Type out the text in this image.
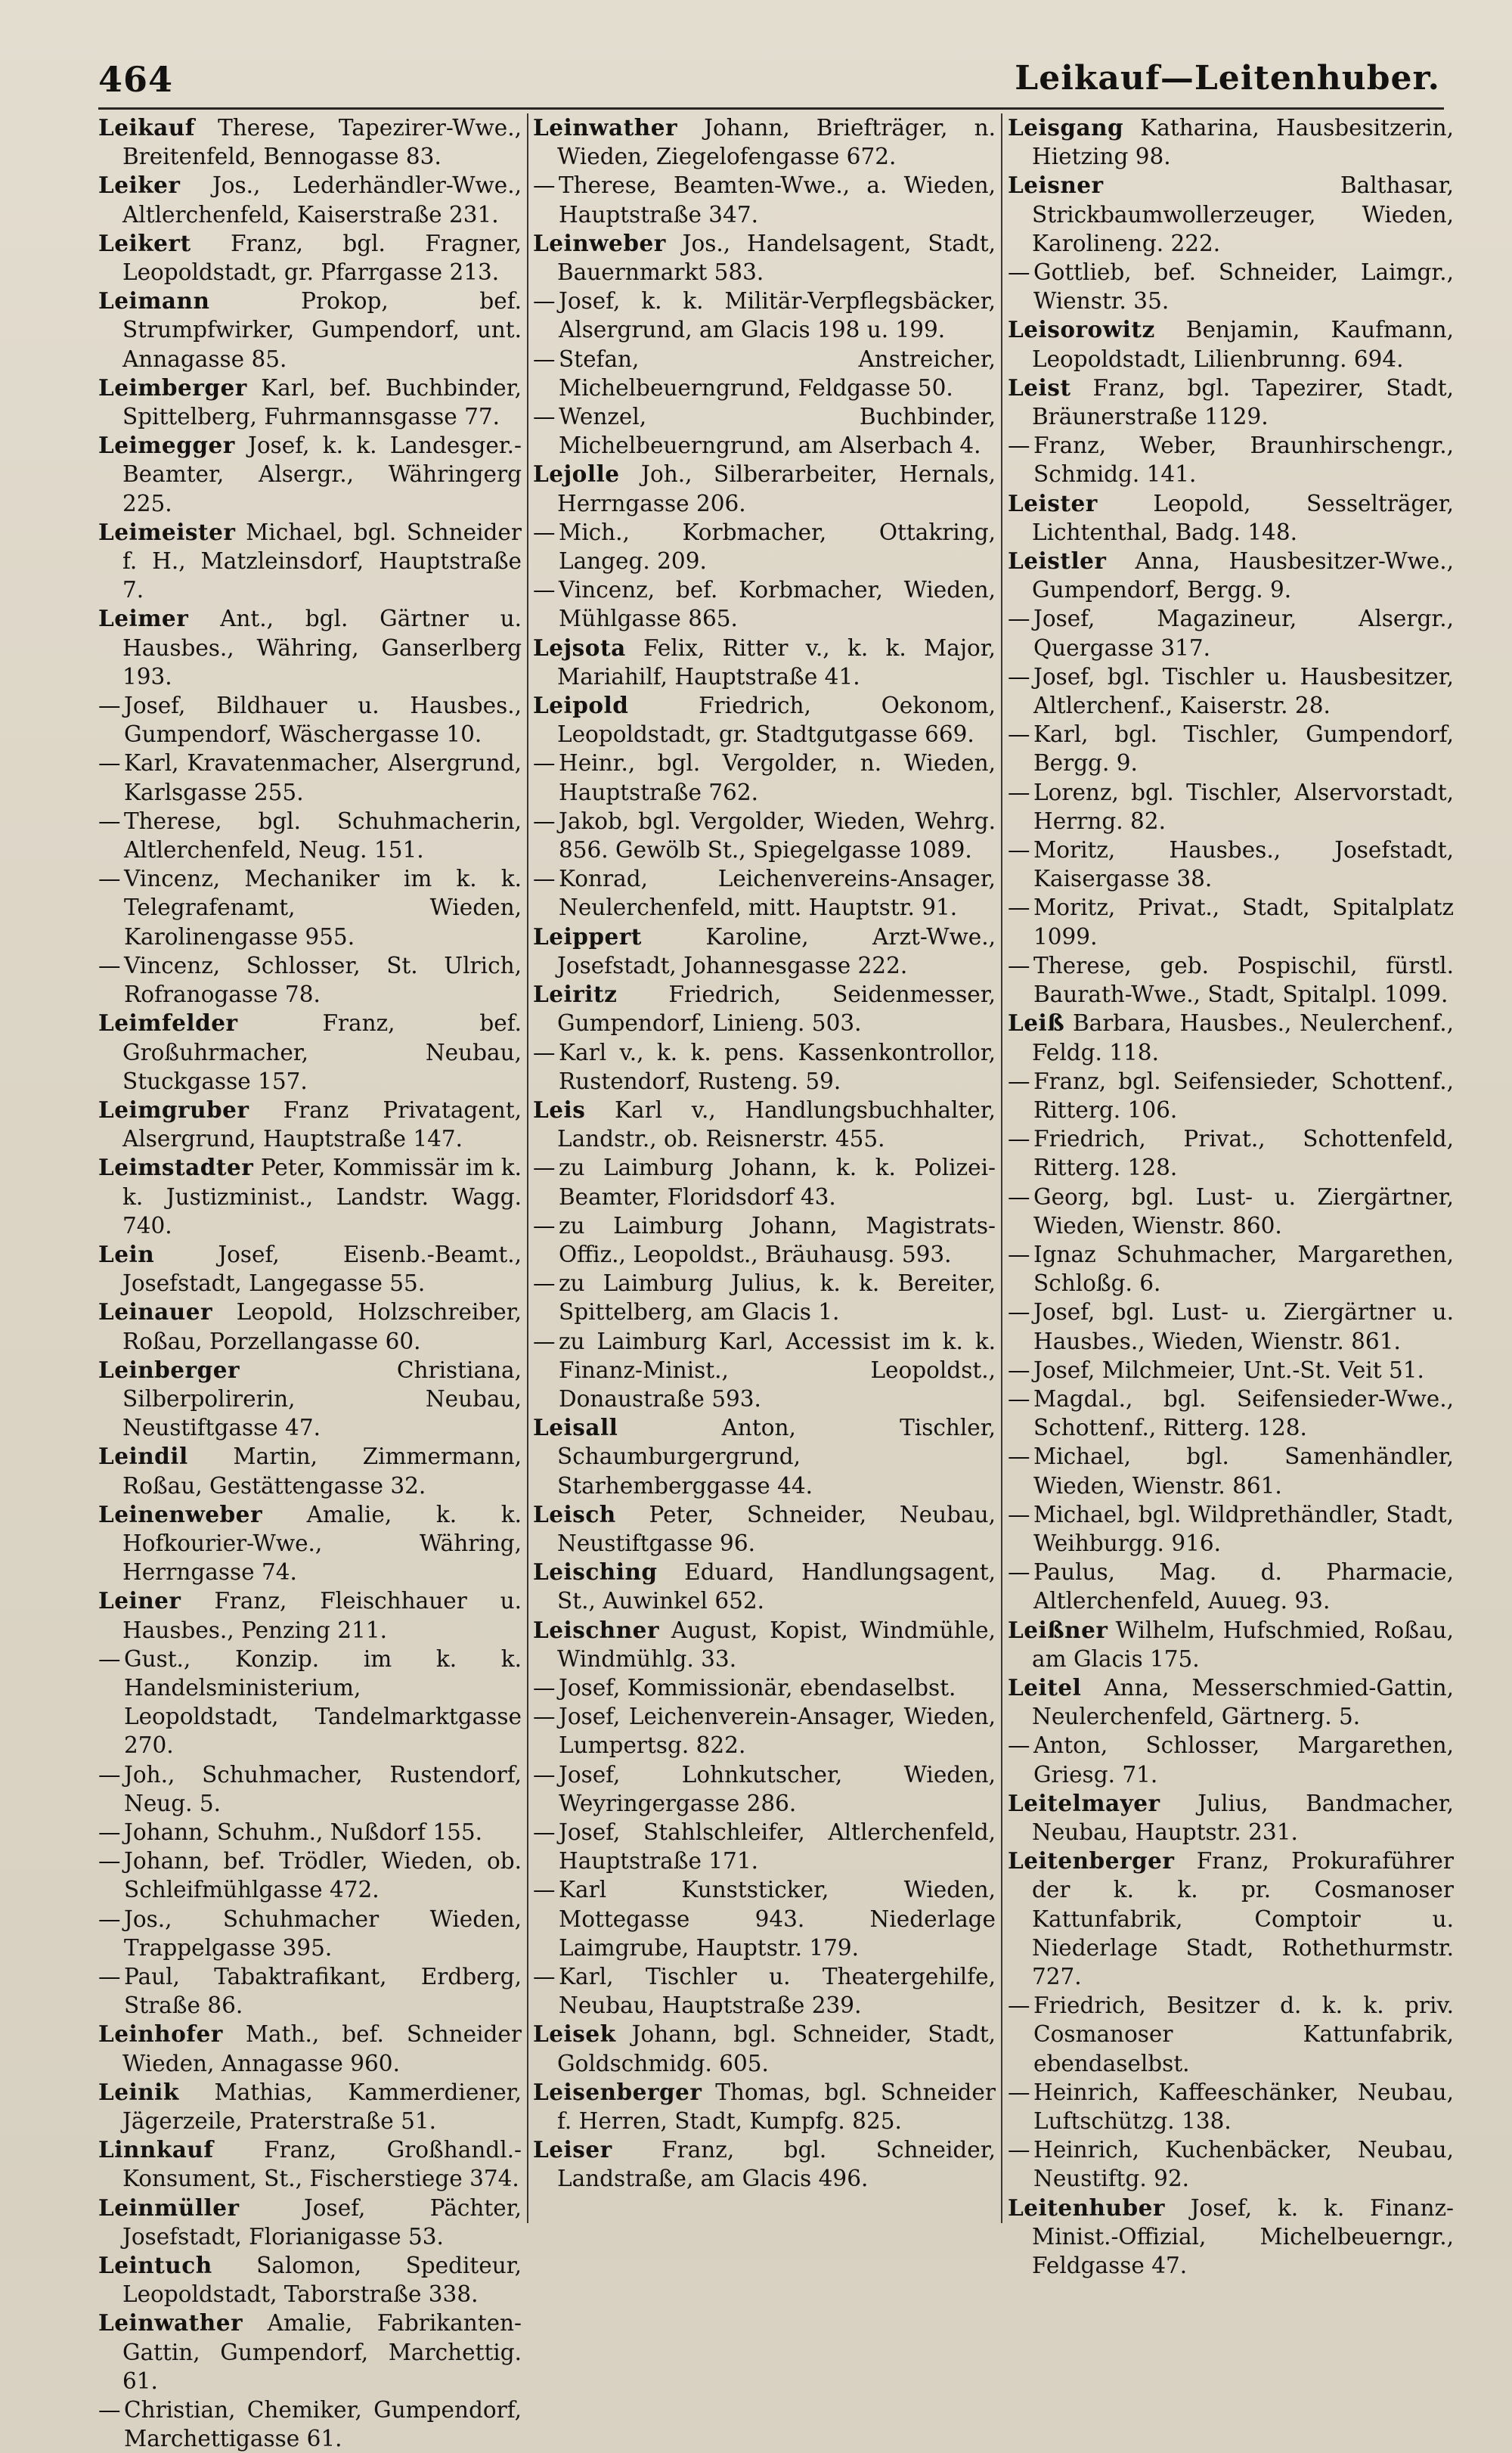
464	Leikauf—Leitenhuber.
Leikauf Therese, Tapezirer-Wwe., Breitenfeld, Bennogasse 83.
Leiker Jos., Lederhändler-Wwe., Altlerchenfeld, Kaiserstraße 231.
Leikert Franz, bgl. Fragner, Leopoldstadt, gr. Pfarrgasse 213.
Leimann	Prokop, bef. Strumpfwirker, Gumpendorf, unt. Annagasse 85.
Leimberger Karl, bef. Buchbinder, Spittelberg, Fuhrmannsgasse 77.
Leimegger Josef, k. k. Landesger.-Beamter, Alsergr., Währingerg 225.
Leimeister Michael, bgl. Schneider f. H., Matzleinsdorf, Hauptstraße 7.
Leimer Ant., bgl. Gärtner u. Hausbes., Währing, Ganserlberg 193.
— Josef, Bildhauer u. Hausbes., Gumpendorf, Wäschergasse 10.
— Karl, Kravatenmacher, Alsergrund, Karlsgasse 255.
— Therese, bgl. Schuhmacherin, Altlerchenfeld, Neug. 151.
— Vincenz, Mechaniker im k. k. Telegrafenamt, Wieden, Karolinengasse 955.
— Vincenz, Schlosser, St. Ulrich, Rofranogasse 78.
Leimfelder	Franz, bef. Großuhrmacher, Neubau, Stuckgasse 157.
Leimgruber Franz Privatagent, Alsergrund, Hauptstraße 147.
Leimstadter Peter, Kommissär im k. k. Justizminist., Landstr. Wagg. 740.
Lein	Josef, Eisenb.-Beamt., Josefstadt, Langegasse 55.
Leinauer Leopold, Holzschreiber, Roßau, Porzellangasse 60.
Leinberger	Christiana, Silberpolirerin, Neubau, Neustiftgasse 47.
Leindil Martin, Zimmermann, Roßau, Gestättengasse 32.
Leinenweber Amalie, k. k. Hofkourier-Wwe., Währing, Herrngasse 74.
Leiner Franz, Fleischhauer u. Hausbes., Penzing 211.
— Gust., Konzip. im k. k. Handelsministerium, Leopoldstadt, Tandelmarktgasse 270.
— Joh., Schuhmacher, Rustendorf, Neug. 5.
— Johann, Schuhm., Nußdorf 155.
— Johann, bef. Trödler, Wieden, ob. Schleifmühlgasse 472.
— Jos., Schuhmacher Wieden, Trappelgasse 395.
— Paul, Tabaktrafikant, Erdberg, Straße 86.
Leinhofer Math., bef. Schneider Wieden, Annagasse 960.
Leinik Mathias, Kammerdiener, Jägerzeile, Praterstraße 51.
Linnkauf Franz, Großhandl.-Konsument, St., Fischerstiege 374.
Leinmüller	Josef, Pächter, Josefstadt, Florianigasse 53.
Leintuch Salomon, Spediteur, Leopoldstadt, Taborstraße 338.
Leinwather Amalie, Fabrikanten-Gattin, Gumpendorf, Marchettig. 61.
— Christian, Chemiker, Gumpendorf, Marchettigasse 61.
Leinwather Johann, Briefträger, n. Wieden, Ziegelofengasse 672.
— Therese, Beamten-Wwe., a. Wieden, Hauptstraße 347.
Leinweber Jos., Handelsagent, Stadt, Bauernmarkt 583.
— Josef, k. k. Militär-Verpflegsbäcker, Alsergrund, am Glacis 198 u. 199.
— Stefan, Anstreicher, Michelbeuerngrund, Feldgasse 50.
— Wenzel, Buchbinder, Michelbeuerngrund, am Alserbach 4.
Lejolle Joh., Silberarbeiter, Hernals, Herrngasse 206.
— Mich., Korbmacher, Ottakring, Langeg. 209.
— Vincenz, bef. Korbmacher, Wieden, Mühlgasse 865.
Lejsota Felix, Ritter v., k. k. Major, Mariahilf, Hauptstraße 41.
Leipold	Friedrich, Oekonom, Leopoldstadt, gr. Stadtgutgasse 669.
— Heinr., bgl. Vergolder, n. Wieden, Hauptstraße 762.
— Jakob, bgl. Vergolder, Wieden, Wehrg. 856. Gewölb St., Spiegelgasse 1089.
— Konrad, Leichenvereins-Ansager, Neulerchenfeld, mitt. Hauptstr. 91.
Leippert	Karoline, Arzt-Wwe., Josefstadt, Johannesgasse 222.
Leiritz Friedrich, Seidenmesser, Gumpendorf, Linieng. 503.
— Karl v., k. k. pens. Kassenkontrollor, Rustendorf, Rusteng. 59.
Leis Karl v., Handlungsbuchhalter, Landstr., ob. Reisnerstr. 455.
— zu Laimburg Johann, k. k. Polizei-Beamter, Floridsdorf 43.
— zu Laimburg Johann, Magistrats-Offiz., Leopoldst., Bräuhausg. 593.
— zu Laimburg Julius, k. k. Bereiter, Spittelberg, am Glacis 1.
— zu Laimburg Karl, Accessist im k. k. Finanz-Minist., Leopoldst., Donaustraße 593.
Leisall	Anton, Tischler, Schaumburgergrund, Starhemberggasse 44.
Leisch Peter, Schneider, Neubau, Neustiftgasse 96.
Leisching Eduard, Handlungsagent, St., Auwinkel 652.
Leischner August, Kopist, Windmühle, Windmühlg. 33.
— Josef, Kommissionär, ebendaselbst.
— Josef, Leichenverein-Ansager, Wieden, Lumpertsg. 822.
— Josef, Lohnkutscher, Wieden, Weyringergasse 286.
— Josef, Stahlschleifer, Altlerchenfeld, Hauptstraße 171.
— Karl Kunststicker, Wieden, Mottegasse 943. Niederlage Laimgrube, Hauptstr. 179.
— Karl, Tischler u. Theatergehilfe, Neubau, Hauptstraße 239.
Leisek Johann, bgl. Schneider, Stadt, Goldschmidg. 605.
Leisenberger Thomas, bgl. Schneider f. Herren, Stadt, Kumpfg. 825.
Leiser Franz, bgl. Schneider, Landstraße, am Glacis 496.
Leisgang Katharina, Hausbesitzerin, Hietzing 98.
Leisner	Balthasar, Strickbaumwollerzeuger, Wieden, Karolineng. 222.
— Gottlieb, bef. Schneider, Laimgr., Wienstr. 35.
Leisorowitz Benjamin, Kaufmann, Leopoldstadt, Lilienbrunng. 694.
Leist Franz, bgl. Tapezirer, Stadt, Bräunerstraße 1129.
— Franz, Weber, Braunhirschengr., Schmidg. 141.
Leister Leopold, Sesselträger, Lichtenthal, Badg. 148.
Leistler Anna, Hausbesitzer-Wwe., Gumpendorf, Bergg. 9.
— Josef, Magazineur, Alsergr., Quergasse 317.
— Josef, bgl. Tischler u. Hausbesitzer, Altlerchenf., Kaiserstr. 28.
— Karl, bgl. Tischler, Gumpendorf, Bergg. 9.
— Lorenz, bgl. Tischler, Alservorstadt, Herrng. 82.
— Moritz, Hausbes., Josefstadt, Kaisergasse 38.
— Moritz, Privat., Stadt, Spitalplatz 1099.
— Therese, geb. Pospischil, fürstl. Baurath-Wwe., Stadt, Spitalpl. 1099.
Leiß Barbara, Hausbes., Neulerchenf., Feldg. 118.
— Franz, bgl. Seifensieder, Schottenf., Ritterg. 106.
— Friedrich, Privat., Schottenfeld, Ritterg. 128.
— Georg, bgl. Lust- u. Ziergärtner, Wieden, Wienstr. 860.
— Ignaz Schuhmacher, Margarethen, Schloßg. 6.
— Josef, bgl. Lust- u. Ziergärtner u. Hausbes., Wieden, Wienstr. 861.
— Josef, Milchmeier, Unt.-St. Veit 51.
— Magdal., bgl. Seifensieder-Wwe., Schottenf., Ritterg. 128.
— Michael, bgl. Samenhändler, Wieden, Wienstr. 861.
— Michael, bgl. Wildprethändler, Stadt, Weihburgg. 916.
— Paulus, Mag. d. Pharmacie, Altlerchenfeld, Auueg. 93.
Leißner Wilhelm, Hufschmied, Roßau, am Glacis 175.
Leitel Anna, Messerschmied-Gattin, Neulerchenfeld, Gärtnerg. 5.
— Anton, Schlosser, Margarethen, Griesg. 71.
Leitelmayer Julius, Bandmacher, Neubau, Hauptstr. 231.
Leitenberger Franz, Prokuraführer der k. k. pr. Cosmanoser Kattunfabrik, Comptoir u. Niederlage Stadt, Rothethurmstr. 727.
— Friedrich, Besitzer d. k. k. priv. Cosmanoser Kattunfabrik, ebendaselbst.
— Heinrich, Kaffeeschänker, Neubau, Luftschützg. 138.
— Heinrich, Kuchenbäcker, Neubau, Neustiftg. 92.
Leitenhuber Josef, k. k. Finanz-Minist.-Offizial, Michelbeuerngr., Feldgasse 47.
